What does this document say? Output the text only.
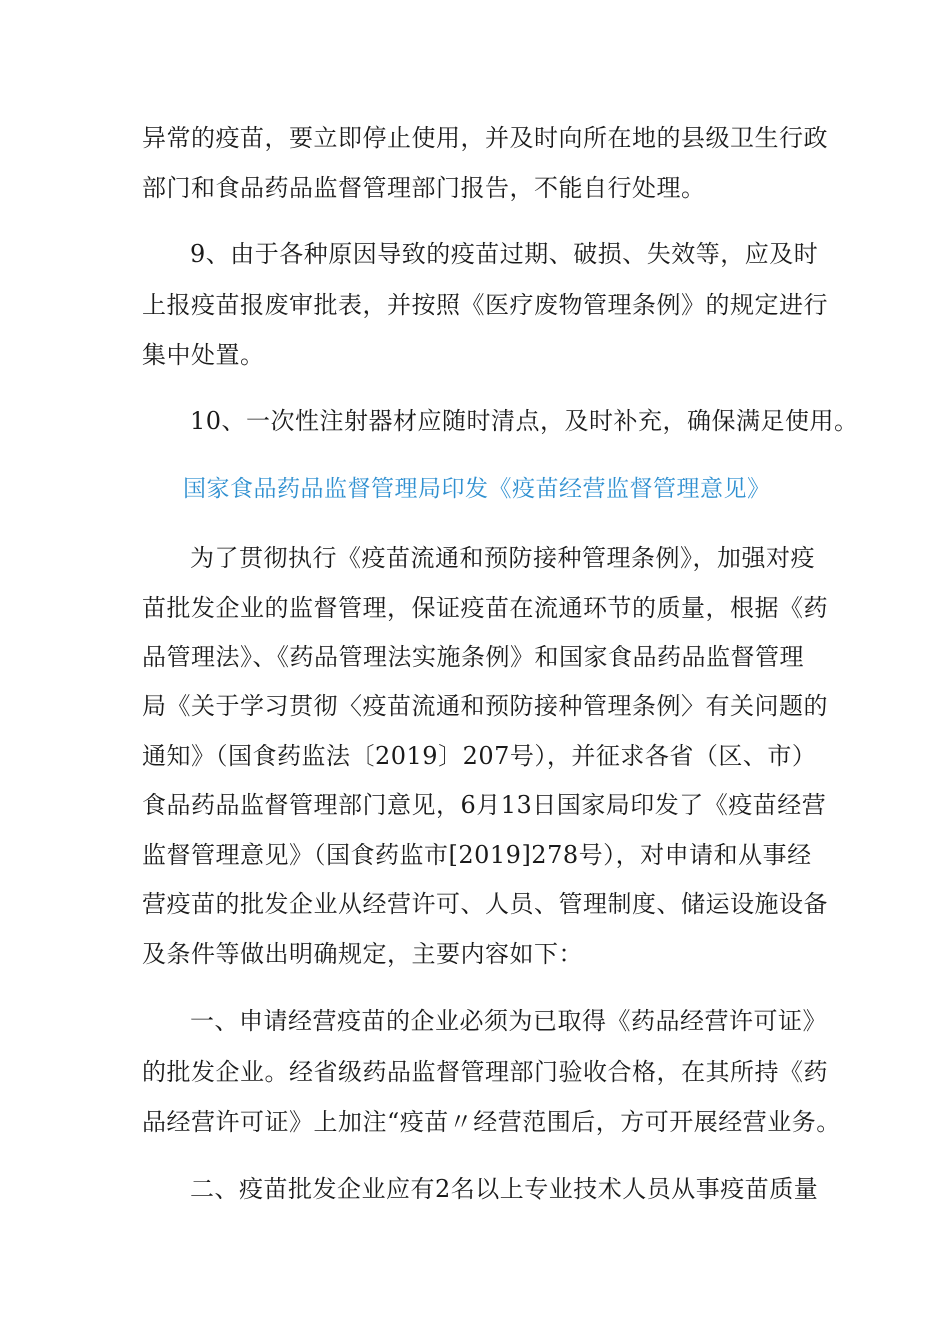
异常的疫苗，要立即停止使用，并及时向所在地的县级卫生行政
部门和食品药品监督管理部门报告，不能自行处理。
9、由于各种原因导致的疫苗过期、破损、失效等，应及时
上报疫苗报废审批表，并按照《医疗废物管理条例》的规定进行
集中处置。
10、一次性注射器材应随时清点，及时补充，确保满足使用。
国家食品药品监督管理局印发《疫苗经营监督管理意见》
为了贯彻执行《疫苗流通和预防接种管理条例》，加强对疫
苗批发企业的监督管理，保证疫苗在流通环节的质量，根据《药
品管理法》、《药品管理法实施条例》和国家食品药品监督管理
局《关于学习贯彻〈疫苗流通和预防接种管理条例〉有关问题的
通知》（国食药监法〔2019〕207号），并征求各省（区、市）
食品药品监督管理部门意见，6月13日国家局印发了《疫苗经营
监督管理意见》（国食药监市[2019]278号），对申请和从事经
营疫苗的批发企业从经营许可、人员、管理制度、储运设施设备
及条件等做出明确规定，主要内容如下：
一、申请经营疫苗的企业必须为已取得《药品经营许可证》
的批发企业。经省级药品监督管理部门验收合格，在其所持《药
品经营许可证》上加注“疫苗〃经营范围后，方可开展经营业务。
二、疫苗批发企业应有2名以上专业技术人员从事疫苗质量
